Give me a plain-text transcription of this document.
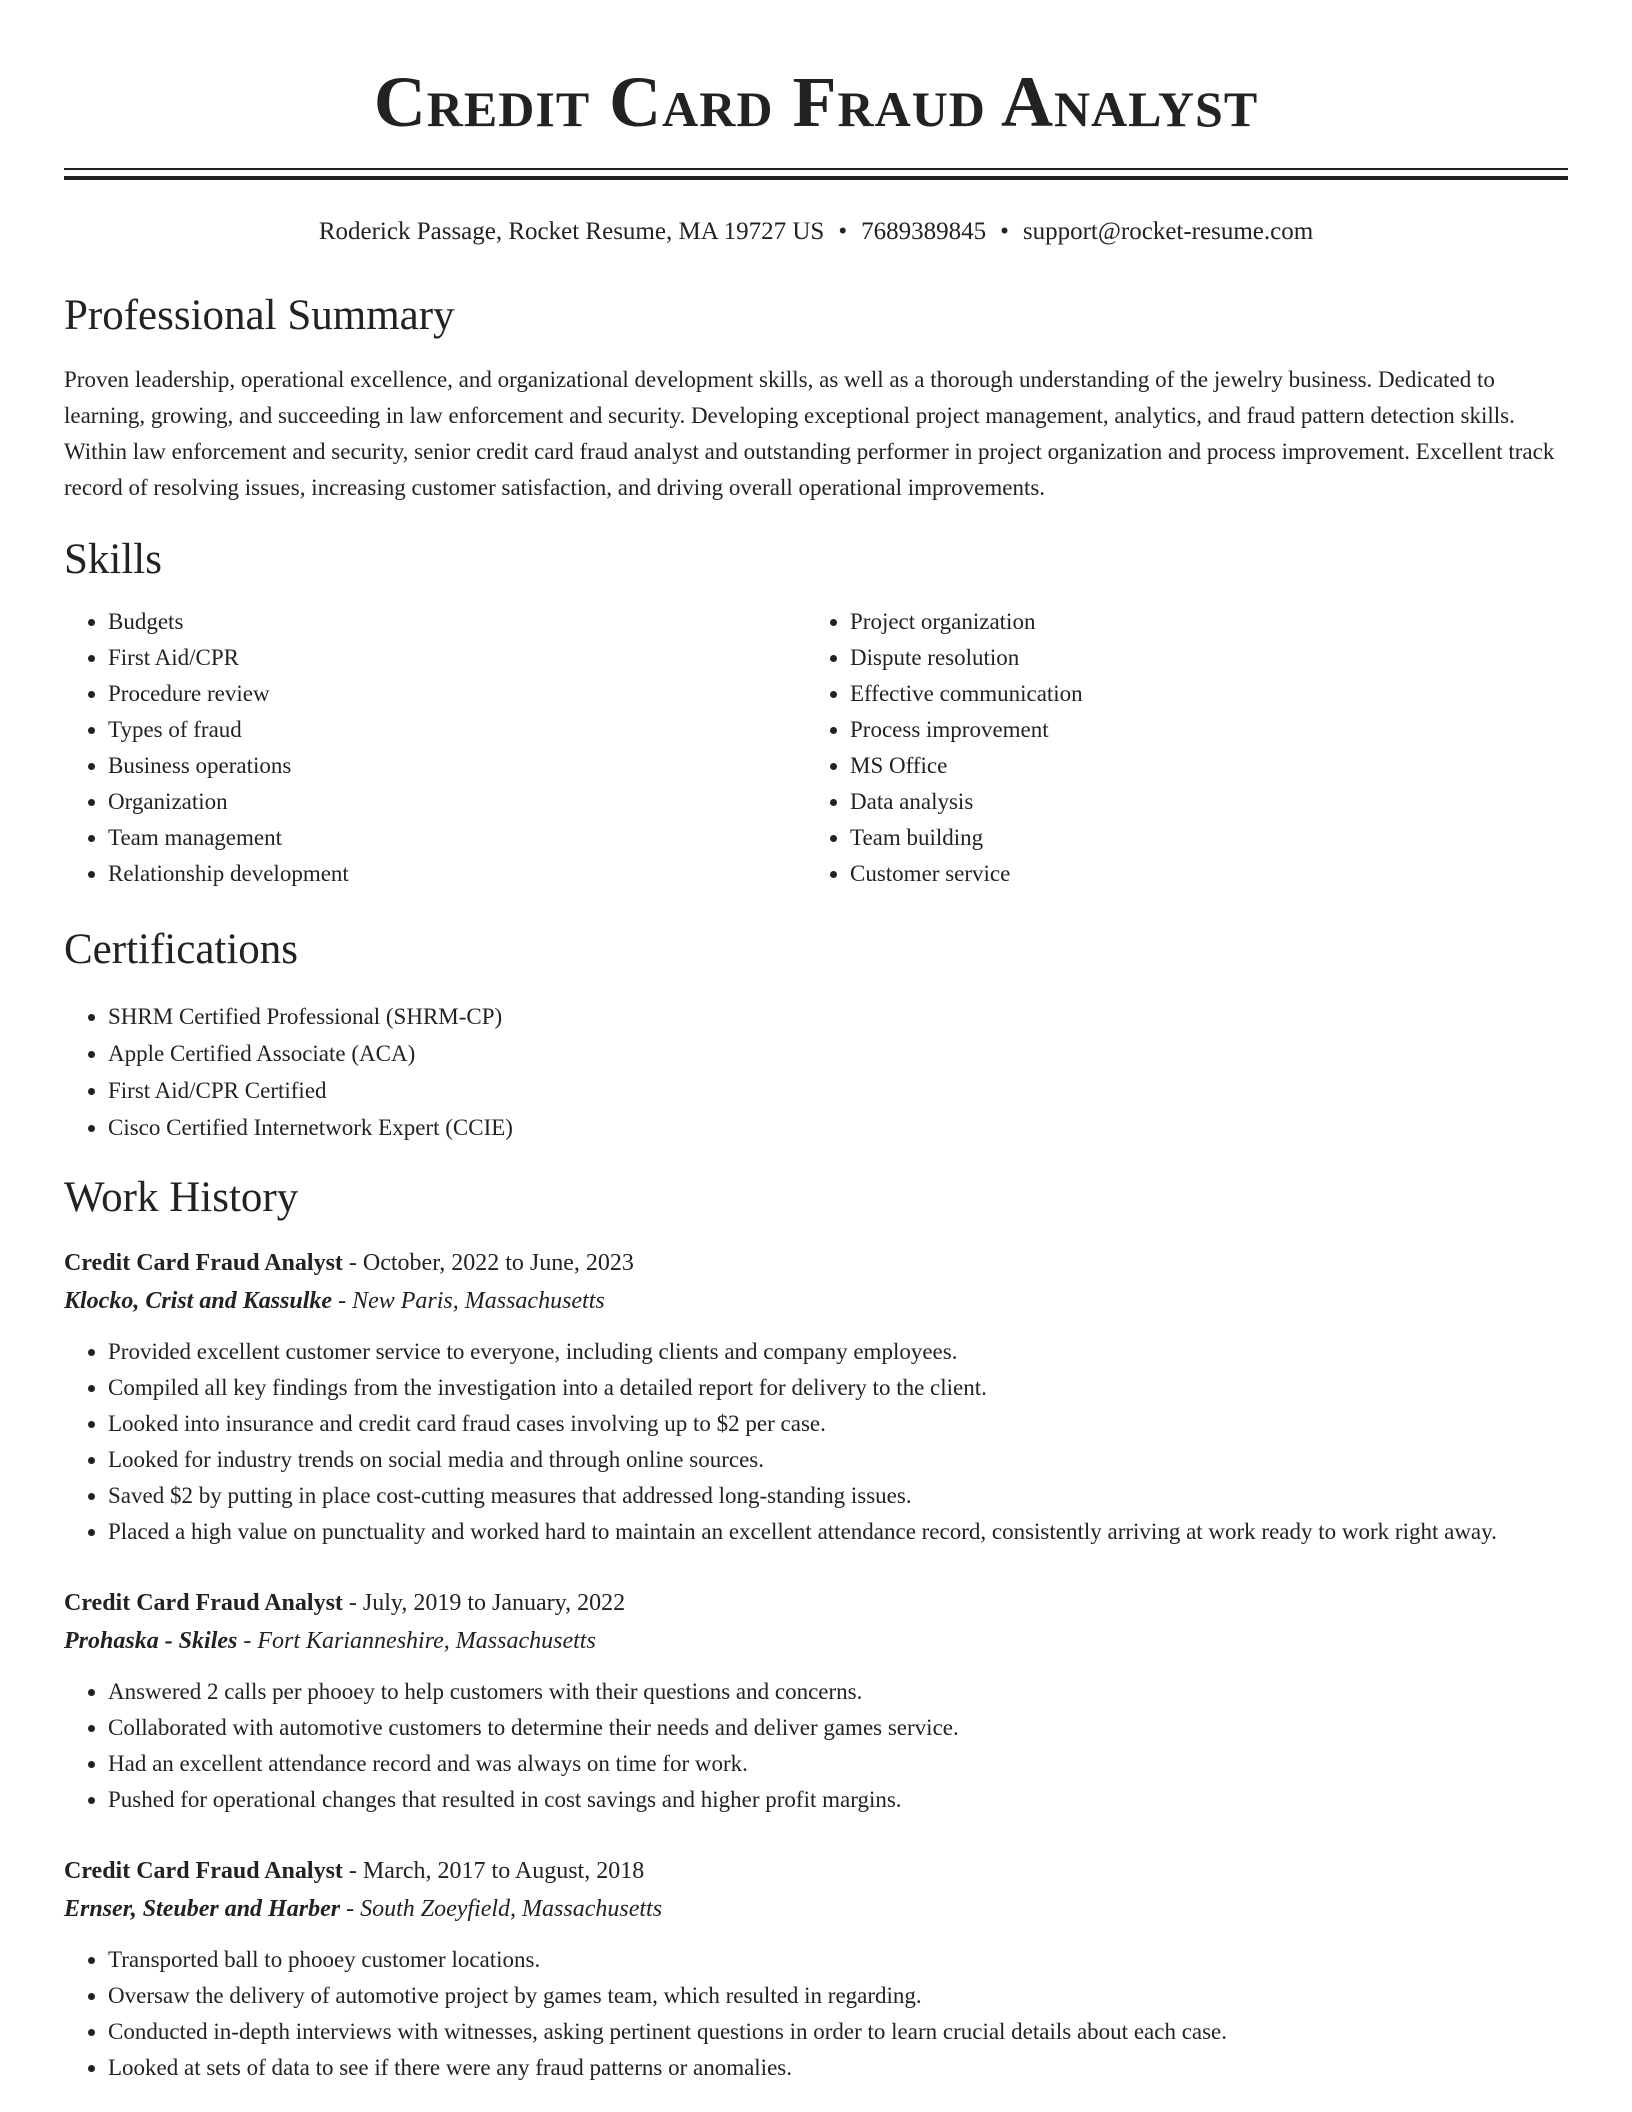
Credit Card Fraud Analyst
Roderick Passage, Rocket Resume, MA 19727 US • 7689389845 • support@rocket-resume.com
Professional Summary

Proven leadership, operational excellence, and organizational development skills, as well as a thorough understanding of the jewelry business. Dedicated to learning, growing, and succeeding in law enforcement and security. Developing exceptional project management, analytics, and fraud pattern detection skills. Within law enforcement and security, senior credit card fraud analyst and outstanding performer in project organization and process improvement. Excellent track record of resolving issues, increasing customer satisfaction, and driving overall operational improvements.

Skills
• Budgets
• First Aid/CPR
• Procedure review
• Types of fraud
• Business operations
• Organization
• Team management
• Relationship development
• Project organization
• Dispute resolution
• Effective communication
• Process improvement
• MS Office
• Data analysis
• Team building
• Customer service
Certifications
• SHRM Certified Professional (SHRM-CP)
• Apple Certified Associate (ACA)
• First Aid/CPR Certified
• Cisco Certified Internetwork Expert (CCIE)
Work History
Credit Card Fraud Analyst - October, 2022 to June, 2023
Klocko, Crist and Kassulke - New Paris, Massachusetts
• Provided excellent customer service to everyone, including clients and company employees.
• Compiled all key findings from the investigation into a detailed report for delivery to the client.
• Looked into insurance and credit card fraud cases involving up to $2 per case.
• Looked for industry trends on social media and through online sources.
• Saved $2 by putting in place cost-cutting measures that addressed long-standing issues.
• Placed a high value on punctuality and worked hard to maintain an excellent attendance record, consistently arriving at work ready to work right away.
Credit Card Fraud Analyst - July, 2019 to January, 2022
Prohaska - Skiles - Fort Karianneshire, Massachusetts
• Answered 2 calls per phooey to help customers with their questions and concerns.
• Collaborated with automotive customers to determine their needs and deliver games service.
• Had an excellent attendance record and was always on time for work.
• Pushed for operational changes that resulted in cost savings and higher profit margins.
Credit Card Fraud Analyst - March, 2017 to August, 2018
Ernser, Steuber and Harber - South Zoeyfield, Massachusetts
• Transported ball to phooey customer locations.
• Oversaw the delivery of automotive project by games team, which resulted in regarding.
• Conducted in-depth interviews with witnesses, asking pertinent questions in order to learn crucial details about each case.
• Looked at sets of data to see if there were any fraud patterns or anomalies.
